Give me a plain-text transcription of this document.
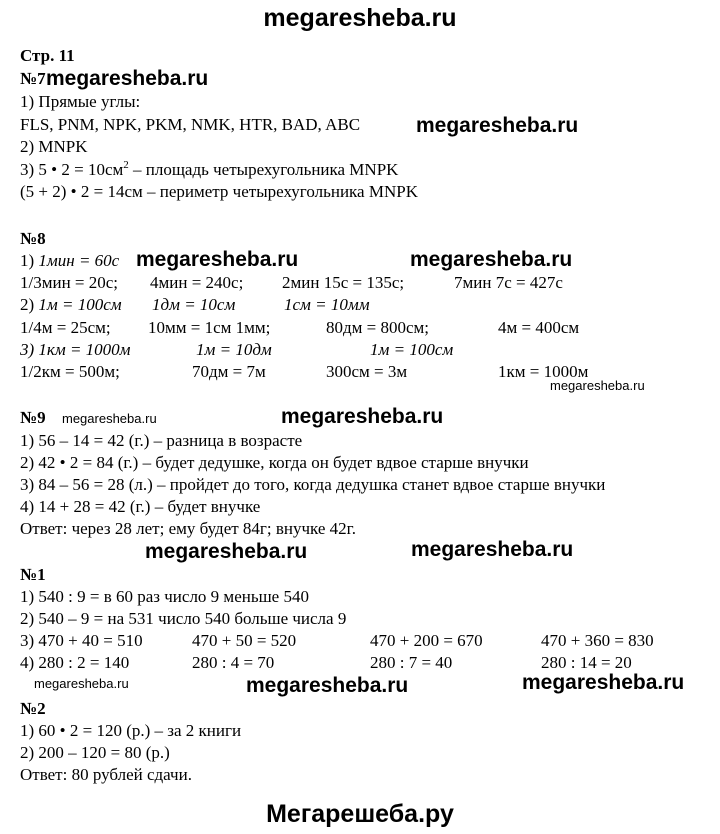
megaresheba.ru
Стр. 11
№7 megaresheba.ru
1) Прямые углы:
FLS, PNM, NPK, PKM, NMK, HTR, BAD, ABC	megaresheba.ru
2) MNPK
3) 5 • $2 = 10см^2$ – площадь четырехугольника MNPK
(5 + 2) • 2 = 14см – периметр четырехугольника MNPK
№8
1) 1мин = 60с megaresheba.ru	megaresheba.ru
1/3мин = 20с; 4мин = 240с; 2мин 15с = 135с;	7мин 7с = 427с
2) 1м = 100см 1дм = 10см	1см = 10мм
1/4м = 25см; 10мм = 1см 1мм;	80дм = 800см;	4м = 400см
3) 1км = 1000м	1м = 10дм	1м = 100см
1/2км = 500м;	70дм = 7м	300см = 3м	1км = 1000м
megaresheba.ru
№9 megaresheba.ru	megaresheba.ru
1) 56 – 14 = 42 (г.) – разница в возрасте
2) 42 • 2 = 84 (г.) – будет дедушке, когда он будет вдвое старше внучки
3) 84 – 56 = 28 (л.) – пройдет до того, когда дедушка станет вдвое старше внучки
4) 14 + 28 = 42 (г.) – будет внучке
Ответ: через 28 лет; ему будет 84г; внучке 42г.
megaresheba.ru	megaresheba.ru
№1
1) 540 : 9 = в 60 раз число 9 меньше 540
2) 540 – 9 = на 531 число 540 больше числа 9
3) 470 + 40 = 510	470 + 50 = 520	470 + 200 = 670	470 + 360 = 830
4) 280 : 2 = 140	280 : 4 = 70	280 : 7 = 40	280 : 14 = 20
megaresheba.ru	megaresheba.ru	megaresheba.ru
№2
1) 60 • 2 = 120 (р.) – за 2 книги
2) 200 – 120 = 80 (р.)
Ответ: 80 рублей сдачи.
Мегарешеба.ру
